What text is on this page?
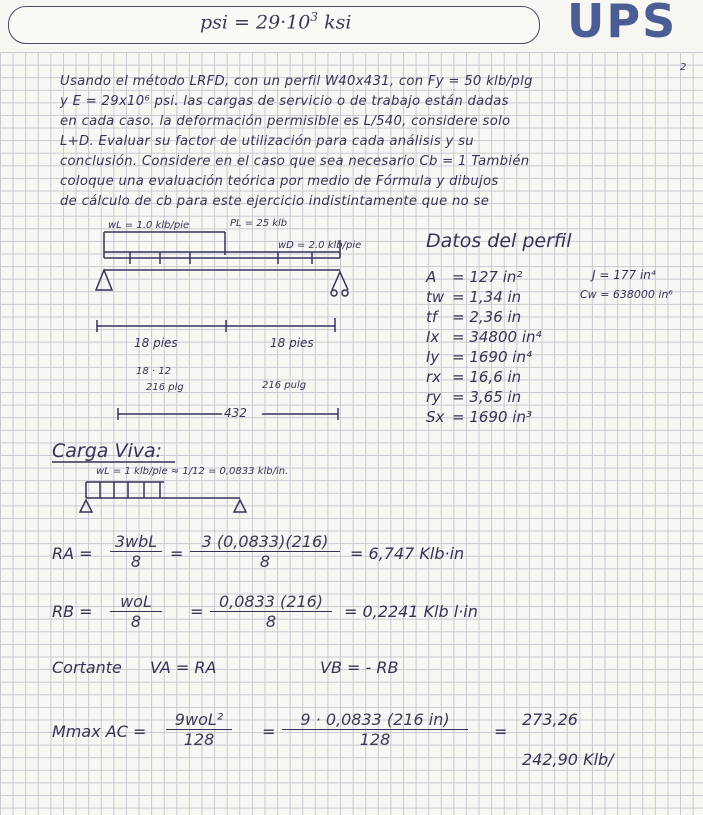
psi = $29\cdot 10^3$ ksi	UPS
Usando el método LRFD, con un perfil W40x431, con Fy = 50 klb/plg
2
y E = 29x10⁶ psi. las cargas de servicio o de trabajo están dadas
en cada caso. la deformación permisible es L/540, considere solo
L+D. Evaluar su factor de utilización para cada análisis y su
conclusión. Considere en el caso que sea necesario Cb = 1 También
coloque una evaluación teórica por medio de Fórmula y dibujos
de cálculo de cb para este ejercicio indistintamente que no se
wL = 1.0 klb/pie	PL = 25 klb
wD = 2.0 klb/pie
18 pies	18 pies
18 · 12
216 plg	216 pulg
432
Datos del perfil
A = 127 in²
tw = 1,34 in
tf = 2,36 in
Ix = 34800 in⁴
Iy = 1690 in⁴
rx = 16,6 in
ry = 3,65 in
Sx = 1690 in³
J = 177 in⁴
Cw = 638000 in⁶
Carga Viva:
wL = 1 klb/pie ≈ 1/12 = 0,0833 klb/in.
RA =
3wbL
8	= $\frac{3 (0,0833)(216)}{8} = 6,747$ Klb·in
RB =
woL
8
= $\frac{0,0833 (216)}{8} = 0,2241$ Klb l·in
Cortante VA = RA	VB = - RB
Mmax AC =
9woL²
128	= $\frac{9 \cdot 0,0833 (216 in)}{128}$ =
273,26
242,90 Klb/
